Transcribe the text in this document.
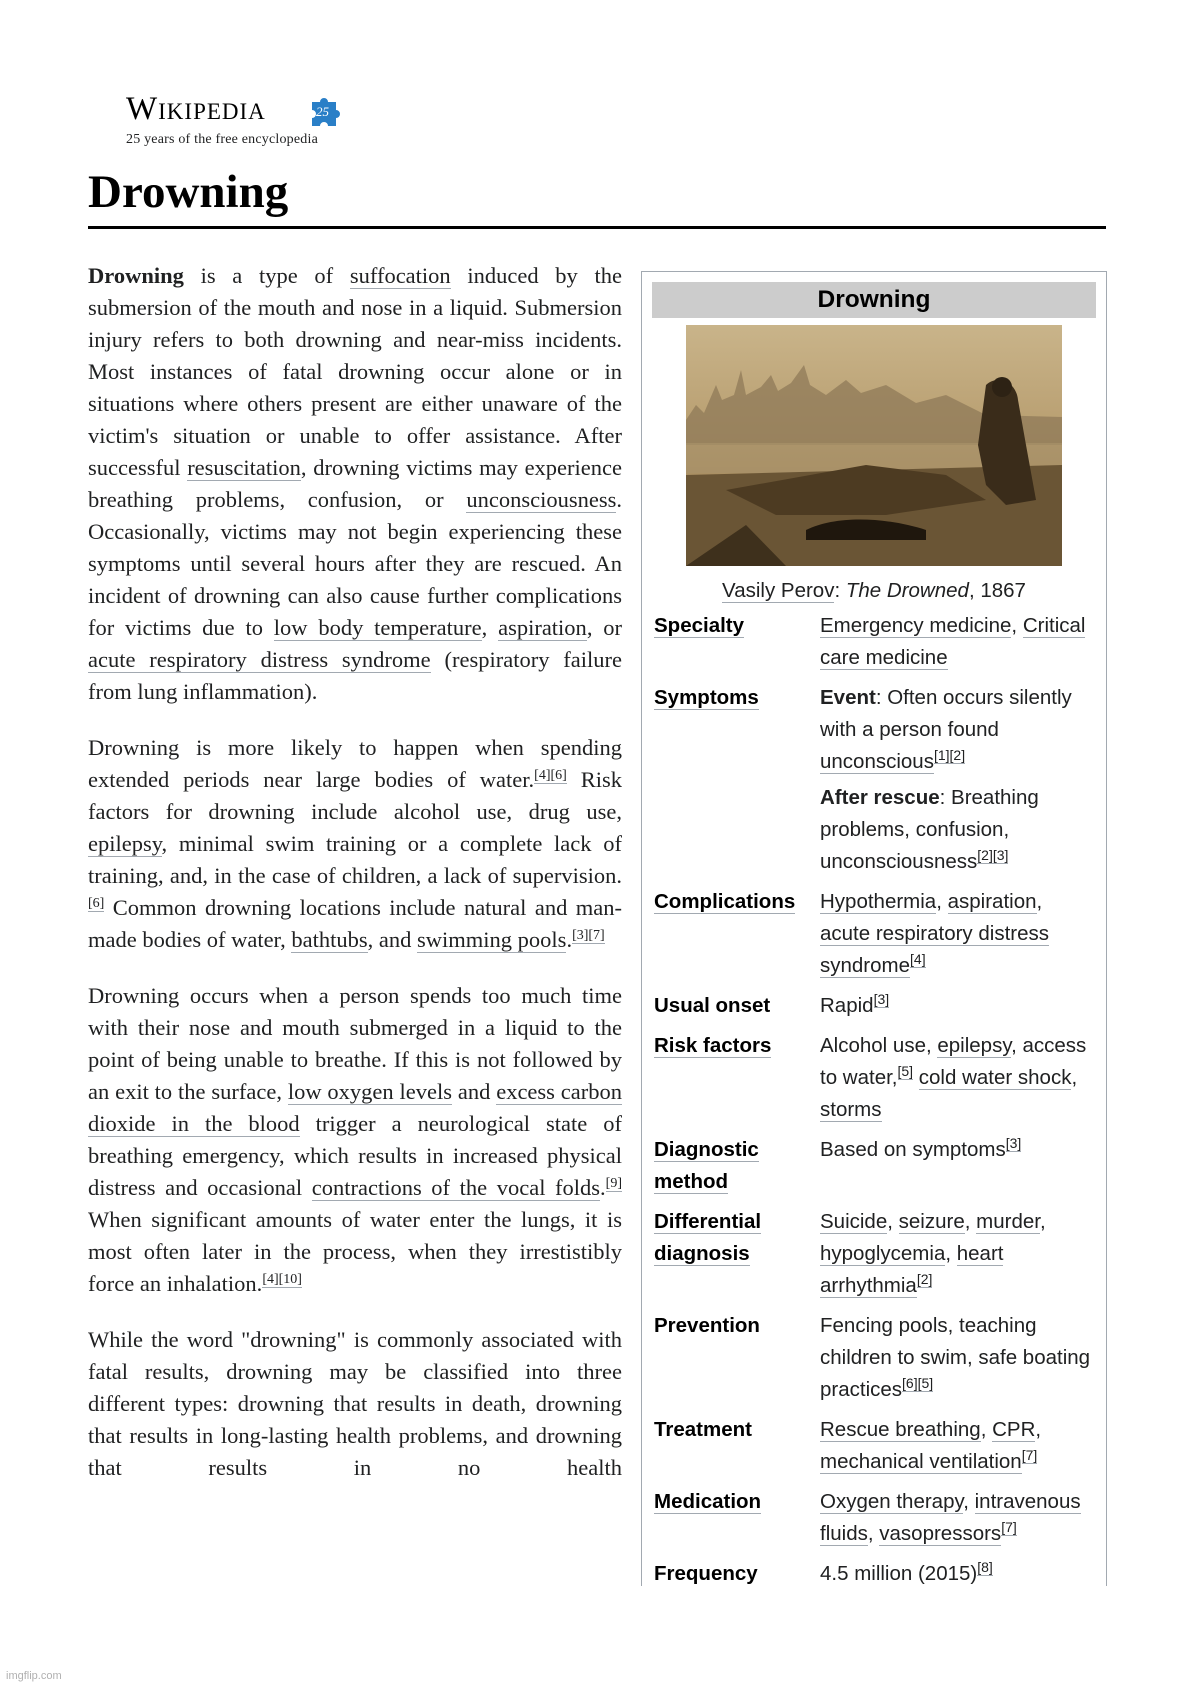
Wikipedia	25
25 years of the free encyclopedia
Drowning

Drowning is a type of suffocation induced by the submersion of the mouth and nose in a liquid. Submersion injury refers to both drowning and near-miss incidents. Most instances of fatal drowning occur alone or in situations where others present are either unaware of the victim's situation or unable to offer assistance. After successful resuscitation, drowning victims may experience breathing problems, confusion, or unconsciousness. Occasionally, victims may not begin experiencing these symptoms until several hours after they are rescued. An incident of drowning can also cause further complications for victims due to low body temperature, aspiration, or acute respiratory distress syndrome (respiratory failure from lung inflammation).

Drowning is more likely to happen when spending extended periods near large bodies of water.[4][6] Risk factors for drowning include alcohol use, drug use, epilepsy, minimal swim training or a complete lack of training, and, in the case of children, a lack of supervision.[6] Common drowning locations include natural and man-made bodies of water, bathtubs, and swimming pools.[3][7]

Drowning occurs when a person spends too much time with their nose and mouth submerged in a liquid to the point of being unable to breathe. If this is not followed by an exit to the surface, low oxygen levels and excess carbon dioxide in the blood trigger a neurological state of breathing emergency, which results in increased physical distress and occasional contractions of the vocal folds.[9] When significant amounts of water enter the lungs, it is most often later in the process, when they irrestistibly force an inhalation.[4][10]

While the word "drowning" is commonly associated with fatal results, drowning may be classified into three different types: drowning that results in death, drowning that results in long-lasting health problems, and drowning that results in no health

Drowning
Vasily Perov: The Drowned, 1867
Specialty	Emergency medicine, Critical care medicine
Symptoms	Event: Often occurs silently with a person found unconscious[1][2]
After rescue: Breathing problems, confusion, unconsciousness[2][3]

Complications	Hypothermia, aspiration, acute respiratory distress syndrome[4]
Usual onset	Rapid[3]
Risk factors	Alcohol use, epilepsy, access to water,[5] cold water shock, storms
Diagnostic
method	Based on symptoms[3]
Differential
diagnosis	Suicide, seizure, murder, hypoglycemia, heart arrhythmia[2]
Prevention	Fencing pools, teaching children to swim, safe boating practices[6][5]
Treatment	Rescue breathing, CPR, mechanical ventilation[7]
Medication	Oxygen therapy, intravenous fluids, vasopressors[7]
Frequency	4.5 million (2015)[8]
imgflip.com
